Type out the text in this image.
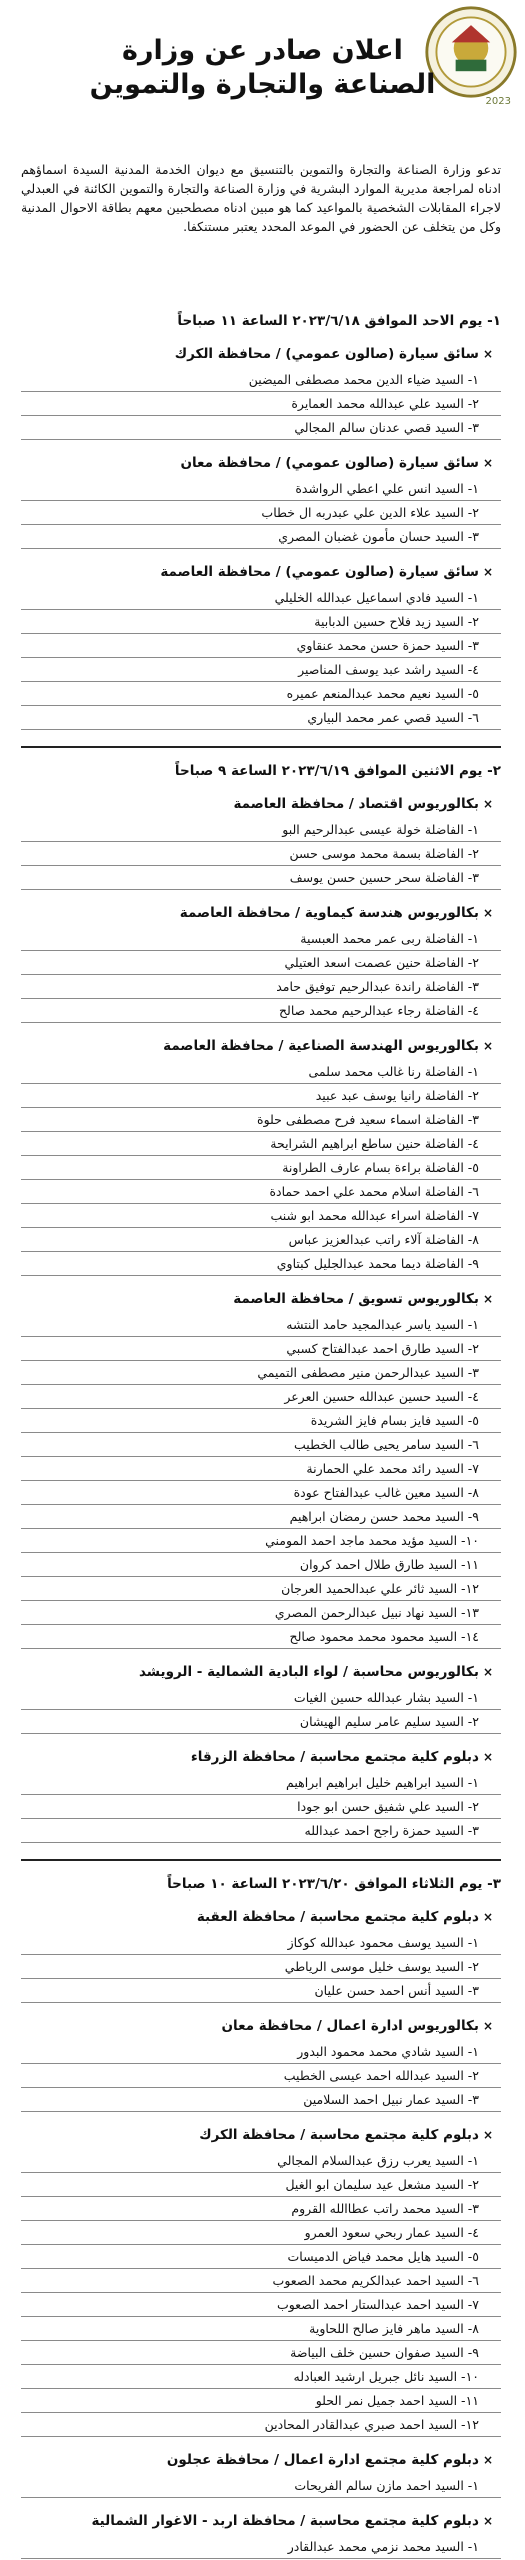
2023
اعلان صادر عن وزارة
الصناعة والتجارة والتموين
تدعو وزارة الصناعة والتجارة والتموين بالتنسيق مع ديوان الخدمة المدنية السيدة اسماؤهم ادناه لمراجعة مديرية الموارد البشرية في وزارة الصناعة والتجارة والتموين الكائنة في العبدلي لاجراء المقابلات الشخصية بالمواعيد كما هو مبين ادناه مصطحبين معهم بطاقة الاحوال المدنية وكل من يتخلف عن الحضور في الموعد المحدد يعتبر مستنكفا.
١- يوم الاحد الموافق ٢٠٢٣/٦/١٨ الساعة ١١ صباحاً
×سائق سيارة (صالون عمومي) / محافظة الكرك
١- السيد ضياء الدين محمد مصطفى الميضين
٢- السيد علي عبدالله محمد العمايرة
٣- السيد قصي عدنان سالم المجالي
×سائق سيارة (صالون عمومي) / محافظة معان
١- السيد انس علي اعطي الرواشدة
٢- السيد علاء الدين علي عبدربه ال خطاب
٣- السيد حسان مأمون غضبان المصري
×سائق سيارة (صالون عمومي) / محافظة العاصمة
١- السيد فادي اسماعيل عبدالله الخليلي
٢- السيد زيد فلاح حسين الدبابية
٣- السيد حمزة حسن محمد عنقاوي
٤- السيد راشد عبد يوسف المناصير
٥- السيد نعيم محمد عبدالمنعم عميره
٦- السيد قصي عمر محمد البياري
٢- يوم الاثنين الموافق ٢٠٢٣/٦/١٩ الساعة ٩ صباحاً
×بكالوريوس اقتصاد / محافظة العاصمة
١- الفاضلة خولة عيسى عبدالرحيم البو
٢- الفاضلة بسمة محمد موسى حسن
٣- الفاضلة سحر حسين حسن يوسف
×بكالوريوس هندسة كيماوية / محافظة العاصمة
١- الفاضلة ربى عمر محمد العبسية
٢- الفاضلة حنين عصمت اسعد العتيلي
٣- الفاضلة راندة عبدالرحيم توفيق حامد
٤- الفاضلة رجاء عبدالرحيم محمد صالح
×بكالوريوس الهندسة الصناعية / محافظة العاصمة
١- الفاضلة رنا غالب محمد سلمى
٢- الفاضلة رانيا يوسف عبد عبيد
٣- الفاضلة اسماء سعيد فرح مصطفى حلوة
٤- الفاضلة حنين ساطع ابراهيم الشرايحة
٥- الفاضلة براءة بسام عارف الطراونة
٦- الفاضلة اسلام محمد علي احمد حمادة
٧- الفاضلة اسراء عبدالله محمد ابو شنب
٨- الفاضلة آلاء راتب عبدالعزيز عباس
٩- الفاضلة ديما محمد عبدالجليل كبتاوي
×بكالوريوس تسويق / محافظة العاصمة
١- السيد ياسر عبدالمجيد حامد النتشه
٢- السيد طارق احمد عبدالفتاح كسبي
٣- السيد عبدالرحمن منير مصطفى التميمي
٤- السيد حسين عبدالله حسين العرعر
٥- السيد فايز بسام فايز الشريدة
٦- السيد سامر يحيى طالب الخطيب
٧- السيد رائد محمد علي الحمارنة
٨- السيد معين غالب عبدالفتاح عودة
٩- السيد محمد حسن رمضان ابراهيم
١٠- السيد مؤيد محمد ماجد احمد المومني
١١- السيد طارق طلال احمد كروان
١٢- السيد ثائر علي عبدالحميد العرجان
١٣- السيد نهاد نبيل عبدالرحمن المصري
١٤- السيد محمود محمد محمود صالح
×بكالوريوس محاسبة / لواء البادية الشمالية - الرويشد
١- السيد بشار عبدالله حسين الغيات
٢- السيد سليم عامر سليم الهيشان
×دبلوم كلية مجتمع محاسبة / محافظة الزرقاء
١- السيد ابراهيم خليل ابراهيم ابراهيم
٢- السيد علي شفيق حسن ابو جودا
٣- السيد حمزة راجح احمد عبدالله
٣- يوم الثلاثاء الموافق ٢٠٢٣/٦/٢٠ الساعة ١٠ صباحاً
×دبلوم كلية مجتمع محاسبة / محافظة العقبة
١- السيد يوسف محمود عبدالله كوكاز
٢- السيد يوسف خليل موسى الرياطي
٣- السيد أنس احمد حسن عليان
×بكالوريوس ادارة اعمال / محافظة معان
١- السيد شادي محمد محمود البدور
٢- السيد عبدالله احمد عيسى الخطيب
٣- السيد عمار نبيل احمد السلامين
×دبلوم كلية مجتمع محاسبة / محافظة الكرك
١- السيد يعرب رزق عبدالسلام المجالي
٢- السيد مشعل عيد سليمان ابو الغيل
٣- السيد محمد راتب عطاالله القروم
٤- السيد عمار ربحي سعود العمرو
٥- السيد هايل محمد فياض الدميسات
٦- السيد احمد عبدالكريم محمد الصعوب
٧- السيد احمد عبدالستار احمد الصعوب
٨- السيد ماهر فايز صالح اللحاوية
٩- السيد صفوان حسين خلف البياضة
١٠- السيد نائل جبريل ارشيد العبادله
١١- السيد احمد جميل نمر الحلو
١٢- السيد احمد صبري عبدالقادر المحادين
×دبلوم كلية مجتمع ادارة اعمال / محافظة عجلون
١- السيد احمد مازن سالم الفريحات
×دبلوم كلية مجتمع محاسبة / محافظة اربد - الاغوار الشمالية
١- السيد محمد نزمي محمد عبدالقادر
